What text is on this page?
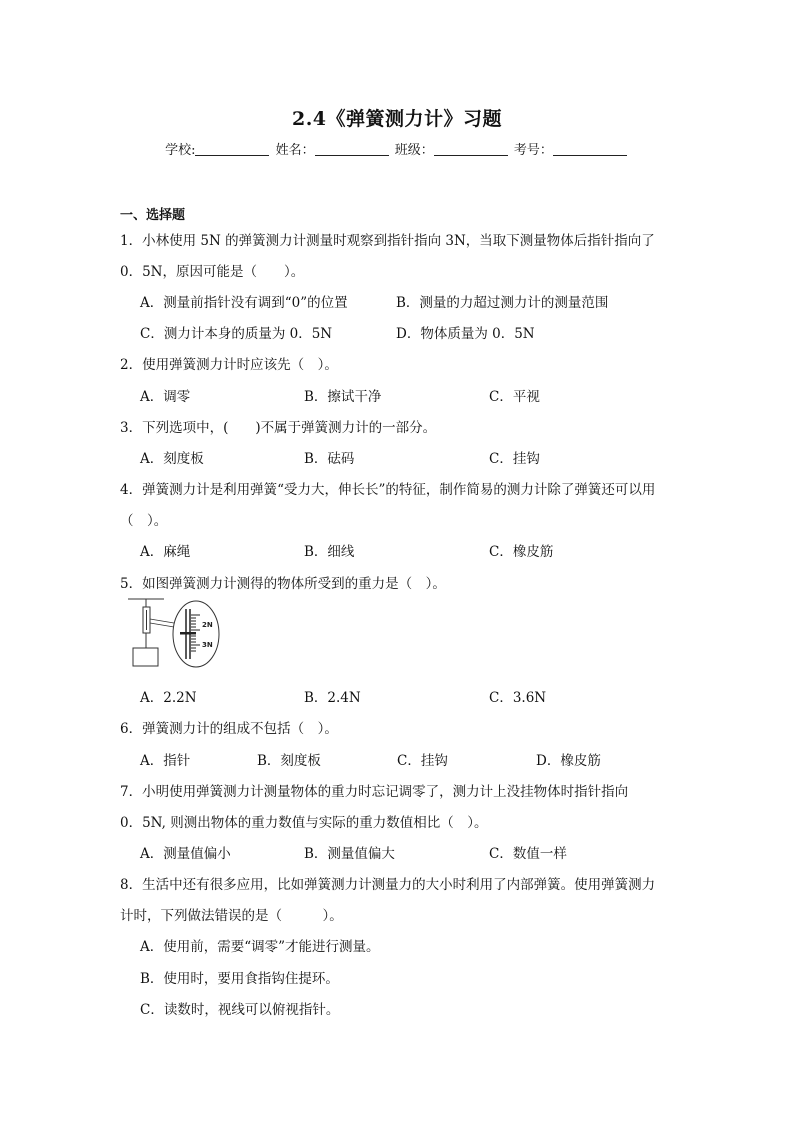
2.4《弹簧测力计》习题
学校:	姓名：	班级：	考号：
一、选择题
1．小林使用 5N 的弹簧测力计测量时观察到指针指向 3N，当取下测量物体后指针指向了
0．5N，原因可能是（　　）。
A．测量前指针没有调到“0”的位置	B．测量的力超过测力计的测量范围
C．测力计本身的质量为 0．5N	D．物体质量为 0．5N
2．使用弹簧测力计时应该先（　）。
A．调零	B．擦试干净	C．平视
3．下列选项中，(　　)不属于弹簧测力计的一部分。
A．刻度板	B．砝码	C．挂钩
4．弹簧测力计是利用弹簧“受力大，伸长长”的特征，制作简易的测力计除了弹簧还可以用
（　）。
A．麻绳	B．细线	C．橡皮筋
5．如图弹簧测力计测得的物体所受到的重力是（　）。
2N
3N
A．2.2N	B．2.4N	C．3.6N
6．弹簧测力计的组成不包括（　）。
A．指针	B．刻度板	C．挂钩	D．橡皮筋
7．小明使用弹簧测力计测量物体的重力时忘记调零了，测力计上没挂物体时指针指向
0．5N, 则测出物体的重力数值与实际的重力数值相比（　）。
A．测量值偏小	B．测量值偏大	C．数值一样
8．生活中还有很多应用，比如弹簧测力计测量力的大小时利用了内部弹簧。使用弹簧测力
计时，下列做法错误的是（　　　）。
A．使用前，需要“调零”才能进行测量。
B．使用时，要用食指钩住提环。
C．读数时，视线可以俯视指针。
